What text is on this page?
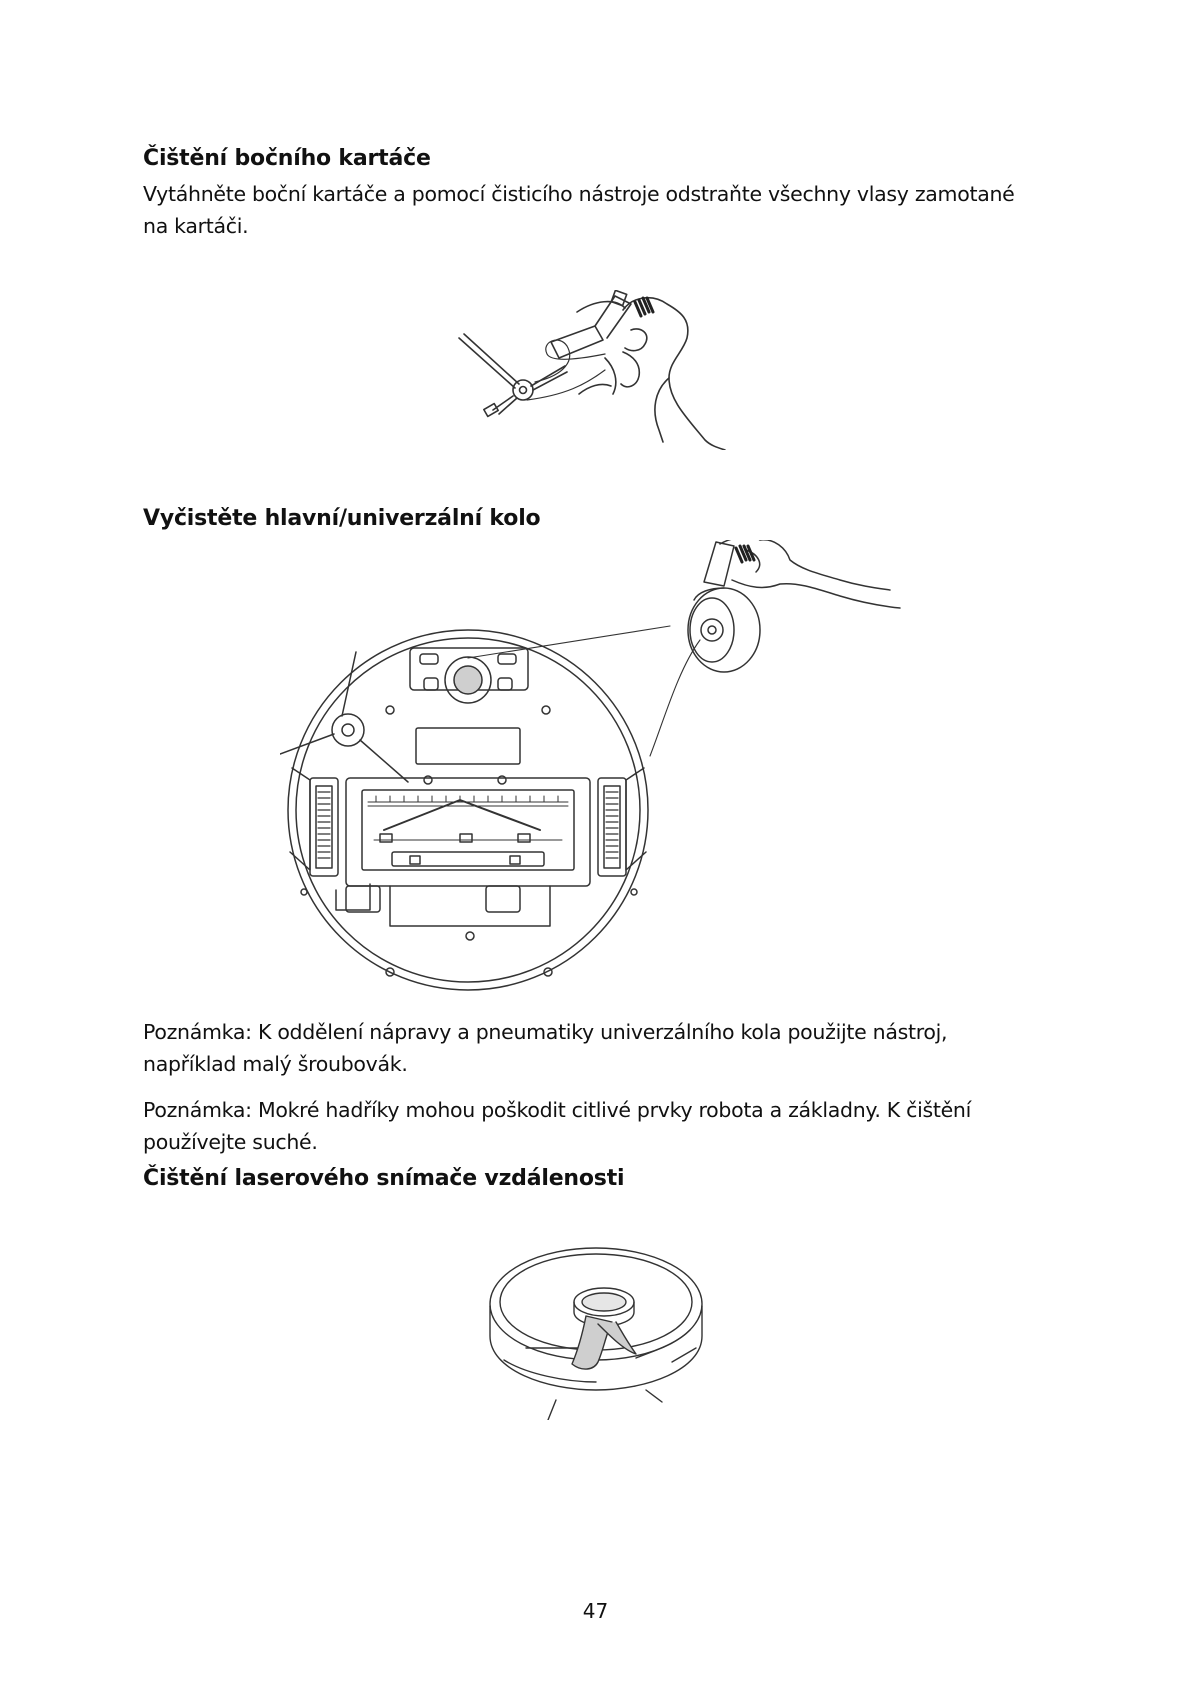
Čištění bočního kartáče

Vytáhněte boční kartáče a pomocí čisticího nástroje odstraňte všechny vlasy zamotané na kartáči.

Vyčistěte hlavní/univerzální kolo

Poznámka: K oddělení nápravy a pneumatiky univerzálního kola použijte nástroj, například malý šroubovák.

Poznámka: Mokré hadříky mohou poškodit citlivé prvky robota a základny. K čištění používejte suché.

Čištění laserového snímače vzdálenosti
47
